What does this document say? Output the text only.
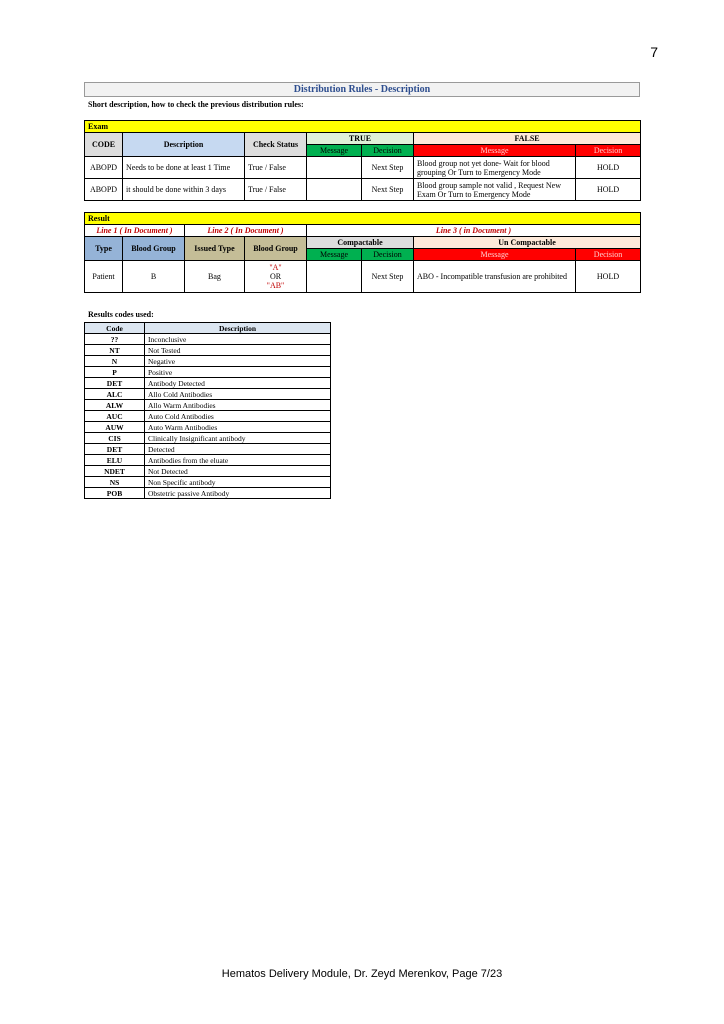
7
Distribution Rules - Description
Short description, how to check the previous distribution rules:
Exam						
CODE	Description	Check Status	TRUE		FALSE	
			Message	Decision	Message	Decision
ABOPD	Needs to be done at least 1 Time	True / False		Next Step	Blood group not yet done- Wait for blood grouping Or Turn to Emergency Mode	HOLD
ABOPD	it should be done within 3 days	True / False		Next Step	Blood group sample not valid , Request New Exam Or Turn to Emergency Mode	HOLD
Result							
Line 1 ( In Document )		Line 2 ( In Document )		Line 3 ( in Document )			
Type	Blood Group	Issued Type	Blood Group	Compactable		Un Compactable	
				Message	Decision	Message	Decision
Patient	B	Bag	"A"
OR
"AB"		Next Step	ABO - Incompatible transfusion are prohibited	HOLD
Results codes used:
Code	Description
??	Inconclusive
NT	Not Tested
N	Negative
P	Positive
DET	Antibody Detected
ALC	Allo Cold Antibodies
ALW	Allo Warm Antibodies
AUC	Auto Cold Antibodies
AUW	Auto Warm Antibodies
CIS	Clinically Insignificant antibody
DET	Detected
ELU	Antibodies from the eluate
NDET	Not Detected
NS	Non Specific antibody
POB	Obstetric passive Antibody
Hematos Delivery Module, Dr. Zeyd Merenkov, Page 7/23
